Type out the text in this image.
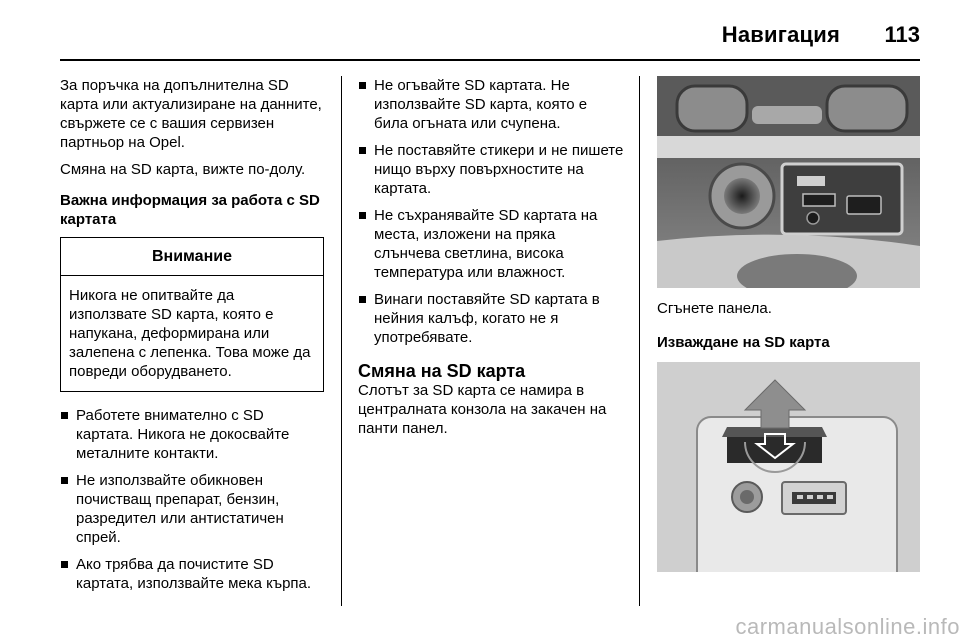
Навигация 113

За поръчка на допълнителна SD карта или актуализиране на данните, свържете се с вашия сервизен партньор на Opel.

Смяна на SD карта, вижте по-долу.

Важна информация за работа с SD картата

Внимание
Никога не опитвайте да използвате SD карта, която е напукана, деформирана или залепена с лепенка. Това може да повреди оборудването.
Работете внимателно с SD картата. Никога не докосвайте металните контакти.
Не използвайте обикновен почистващ препарат, бензин, разредител или антистатичен спрей.
Ако трябва да почистите SD картата, използвайте мека кърпа.
Не огъвайте SD картата. Не използвайте SD карта, която е била огъната или счупена.
Не поставяйте стикери и не пишете нищо върху повърхностите на картата.
Не съхранявайте SD картата на места, изложени на пряка слънчева светлина, висока температура или влажност.
Винаги поставяйте SD картата в нейния калъф, когато не я употребявате.
Смяна на SD карта

Слотът за SD карта се намира в централната конзола на закачен на панти панел.

Сгънете панела.
Изваждане на SD карта
carmanualsonline.info
